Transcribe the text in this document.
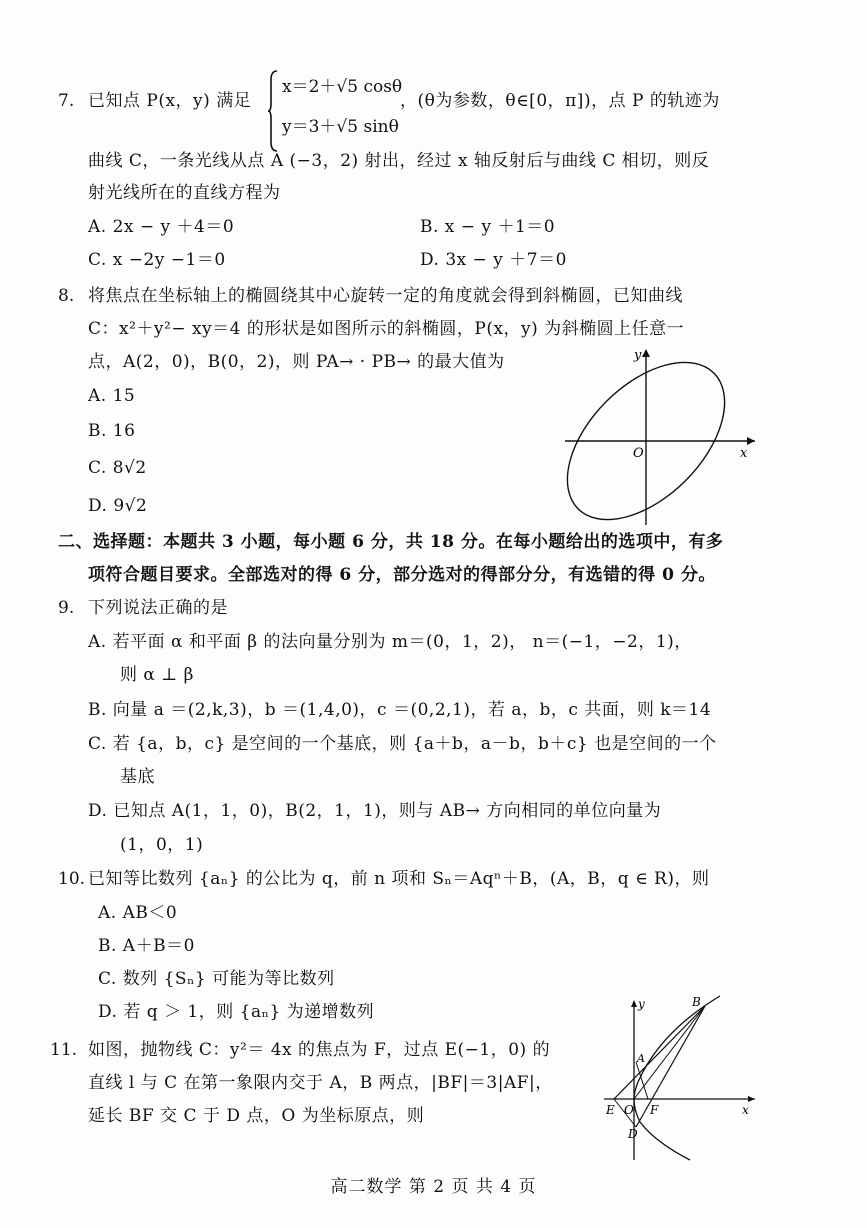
7. 已知点 P(x，y) 满足
x＝2＋√5 cosθ
y＝3＋√5 sinθ
，(θ为参数，θ∈[0，π])，点 P 的轨迹为
曲线 C，一条光线从点 A (−3，2) 射出，经过 x 轴反射后与曲线 C 相切，则反
射光线所在的直线方程为
A. 2x − y ＋4＝0	B. x − y ＋1＝0
C. x −2y −1＝0	D. 3x − y ＋7＝0
8. 将焦点在坐标轴上的椭圆绕其中心旋转一定的角度就会得到斜椭圆，已知曲线
C：x²＋y²− xy＝4 的形状是如图所示的斜椭圆，P(x，y) 为斜椭圆上任意一
点，A(2，0)，B(0，2)，则 PA→ · PB→ 的最大值为
A. 15
B. 16
C. 8√2
D. 9√2
y
x
O
二、选择题：本题共 3 小题，每小题 6 分，共 18 分。在每小题给出的选项中，有多
项符合题目要求。全部选对的得 6 分，部分选对的得部分分，有选错的得 0 分。
9. 下列说法正确的是
A. 若平面 α 和平面 β 的法向量分别为 m＝(0，1，2)， n＝(−1，−2，1)，
则 α ⊥ β
B. 向量 a ＝(2,k,3)，b ＝(1,4,0)，c ＝(0,2,1)，若 a，b，c 共面，则 k＝14
C. 若 {a，b，c} 是空间的一个基底，则 {a＋b，a－b，b＋c} 也是空间的一个
基底
D. 已知点 A(1，1，0)，B(2，1，1)，则与 AB→ 方向相同的单位向量为
(1，0，1)
10. 已知等比数列 {aₙ} 的公比为 q，前 n 项和 Sₙ＝Aqⁿ＋B，(A，B，q ∈ R)，则
A. AB＜0
B. A＋B＝0
C. 数列 {Sₙ} 可能为等比数列
D. 若 q ＞ 1，则 {aₙ} 为递增数列
11. 如图，抛物线 C：y²＝ 4x 的焦点为 F，过点 E(−1，0) 的
直线 l 与 C 在第一象限内交于 A，B 两点，|BF|＝3|AF|，
延长 BF 交 C 于 D 点，O 为坐标原点，则
y
x
B
A
E O F
D
高二数学 第 2 页 共 4 页
